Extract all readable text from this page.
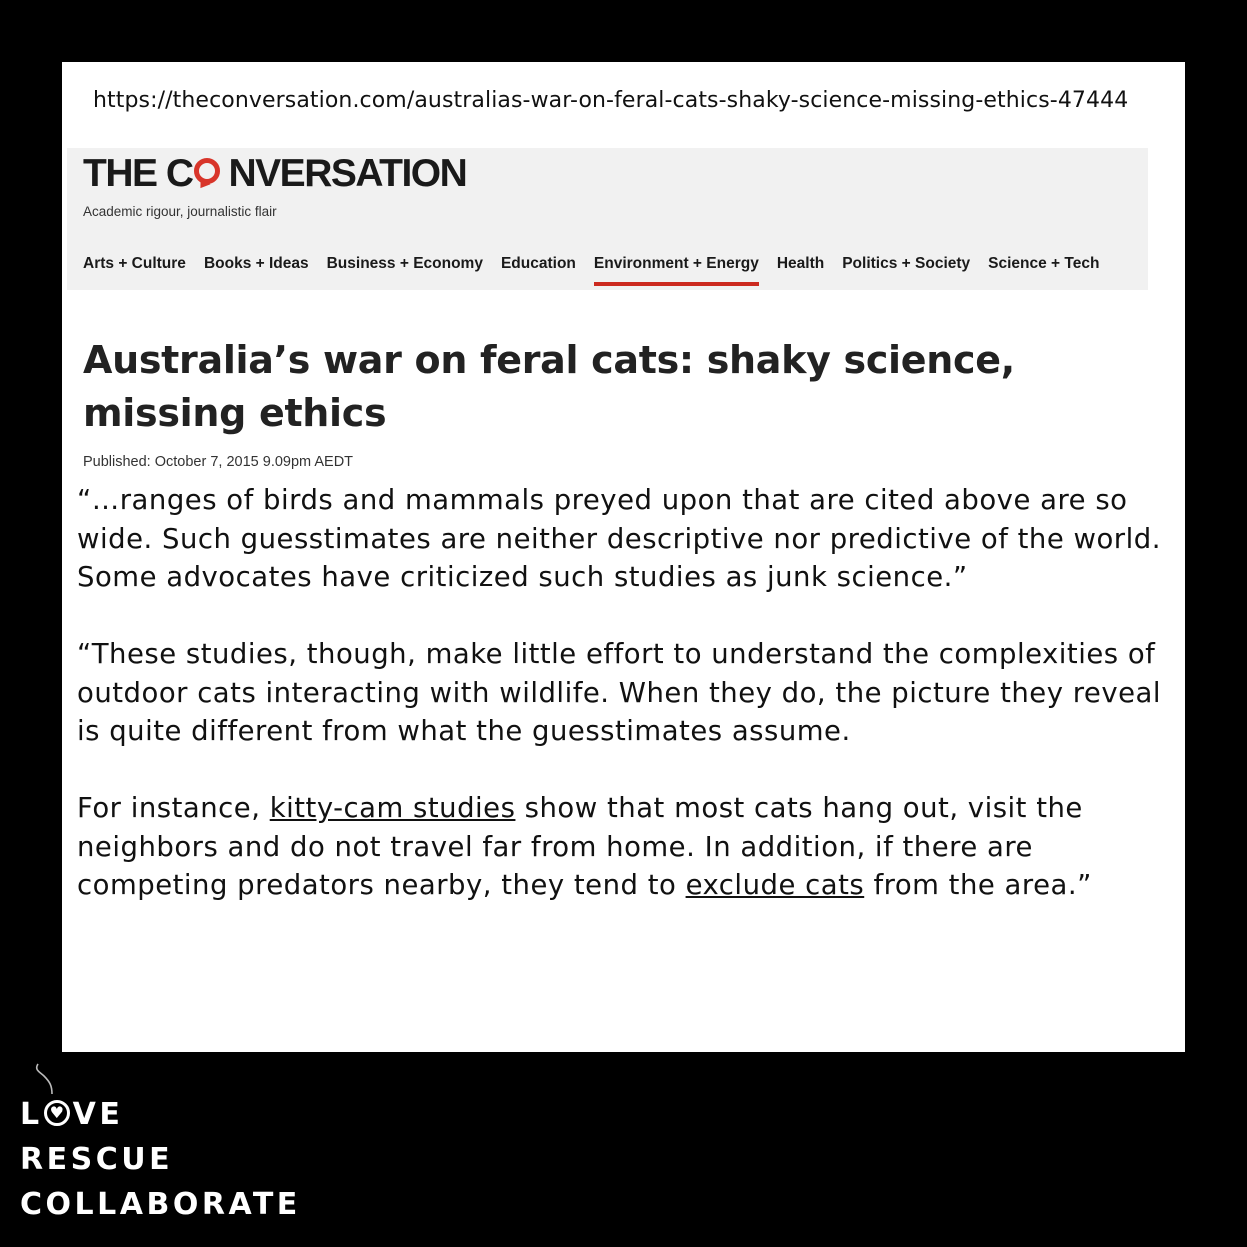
https://theconversation.com/australias-war-on-feral-cats-shaky-science-missing-ethics-47444
THE C NVERSATION
Academic rigour, journalistic flair
Arts + Culture Books + Ideas Business + Economy Education Environment + Energy Health Politics + Society Science + Tech
Australia’s war on feral cats: shaky science, missing ethics
Published: October 7, 2015 9.09pm AEDT

“…ranges of birds and mammals preyed upon that are cited above are so wide. Such guesstimates are neither descriptive nor predictive of the world. Some advocates have criticized such studies as junk science.”

“These studies, though, make little effort to understand the complexities of outdoor cats interacting with wildlife. When they do, the picture they reveal is quite different from what the guesstimates assume.

For instance, kitty-cam studies show that most cats hang out, visit the neighbors and do not travel far from home. In addition, if there are competing predators nearby, they tend to exclude cats from the area.”

L ♥ VE
RESCUE
COLLABORATE
